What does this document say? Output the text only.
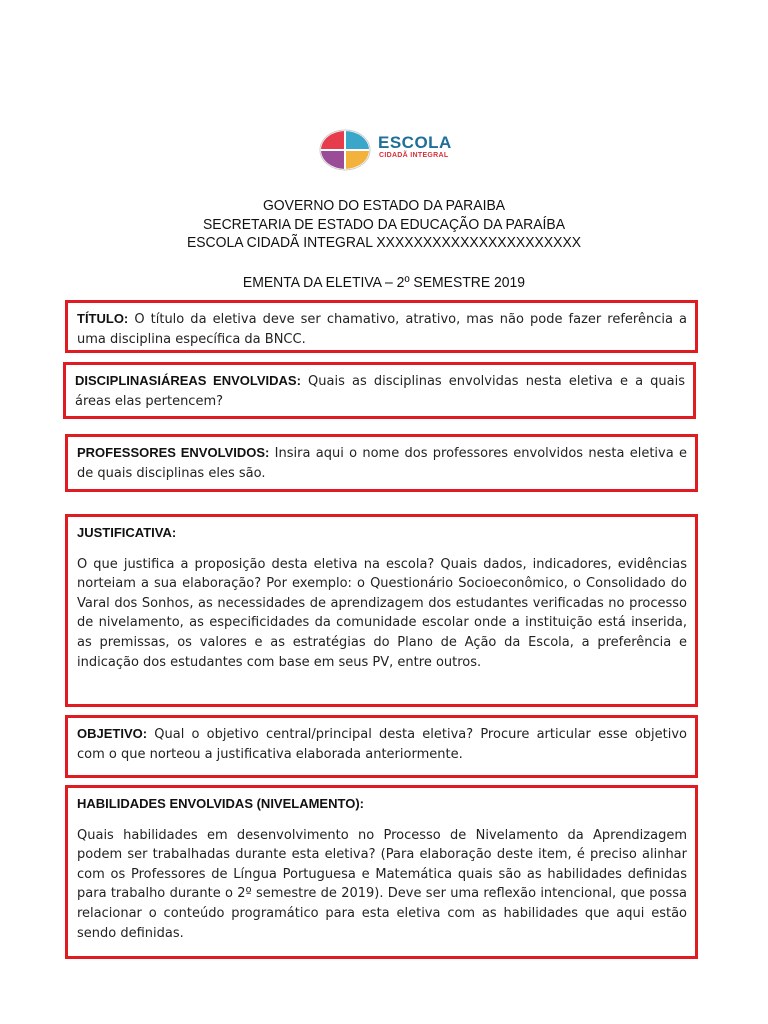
ESCOLA
CIDADÃ INTEGRAL
GOVERNO DO ESTADO DA PARAIBA
SECRETARIA DE ESTADO DA EDUCAÇÃO DA PARAÍBA
ESCOLA CIDADÃ INTEGRAL XXXXXXXXXXXXXXXXXXXXXX
EMENTA DA ELETIVA – 2º SEMESTRE 2019
TÍTULO: O título da eletiva deve ser chamativo, atrativo, mas não pode fazer referência a uma disciplina específica da BNCC.
DISCIPLINASIÁREAS ENVOLVIDAS: Quais as disciplinas envolvidas nesta eletiva e a quais áreas elas pertencem?
PROFESSORES ENVOLVIDOS: Insira aqui o nome dos professores envolvidos nesta eletiva e de quais disciplinas eles são.
JUSTIFICATIVA:
O que justifica a proposição desta eletiva na escola? Quais dados, indicadores, evidências norteiam a sua elaboração? Por exemplo: o Questionário Socioeconômico, o Consolidado do Varal dos Sonhos, as necessidades de aprendizagem dos estudantes verificadas no processo de nivelamento, as especificidades da comunidade escolar onde a instituição está inserida, as premissas, os valores e as estratégias do Plano de Ação da Escola, a preferência e indicação dos estudantes com base em seus PV, entre outros.
OBJETIVO: Qual o objetivo central/principal desta eletiva? Procure articular esse objetivo com o que norteou a justificativa elaborada anteriormente.
HABILIDADES ENVOLVIDAS (NIVELAMENTO):
Quais habilidades em desenvolvimento no Processo de Nivelamento da Aprendizagem podem ser trabalhadas durante esta eletiva? (Para elaboração deste item, é preciso alinhar com os Professores de Língua Portuguesa e Matemática quais são as habilidades definidas para trabalho durante o 2º semestre de 2019). Deve ser uma reflexão intencional, que possa relacionar o conteúdo programático para esta eletiva com as habilidades que aqui estão sendo definidas.
